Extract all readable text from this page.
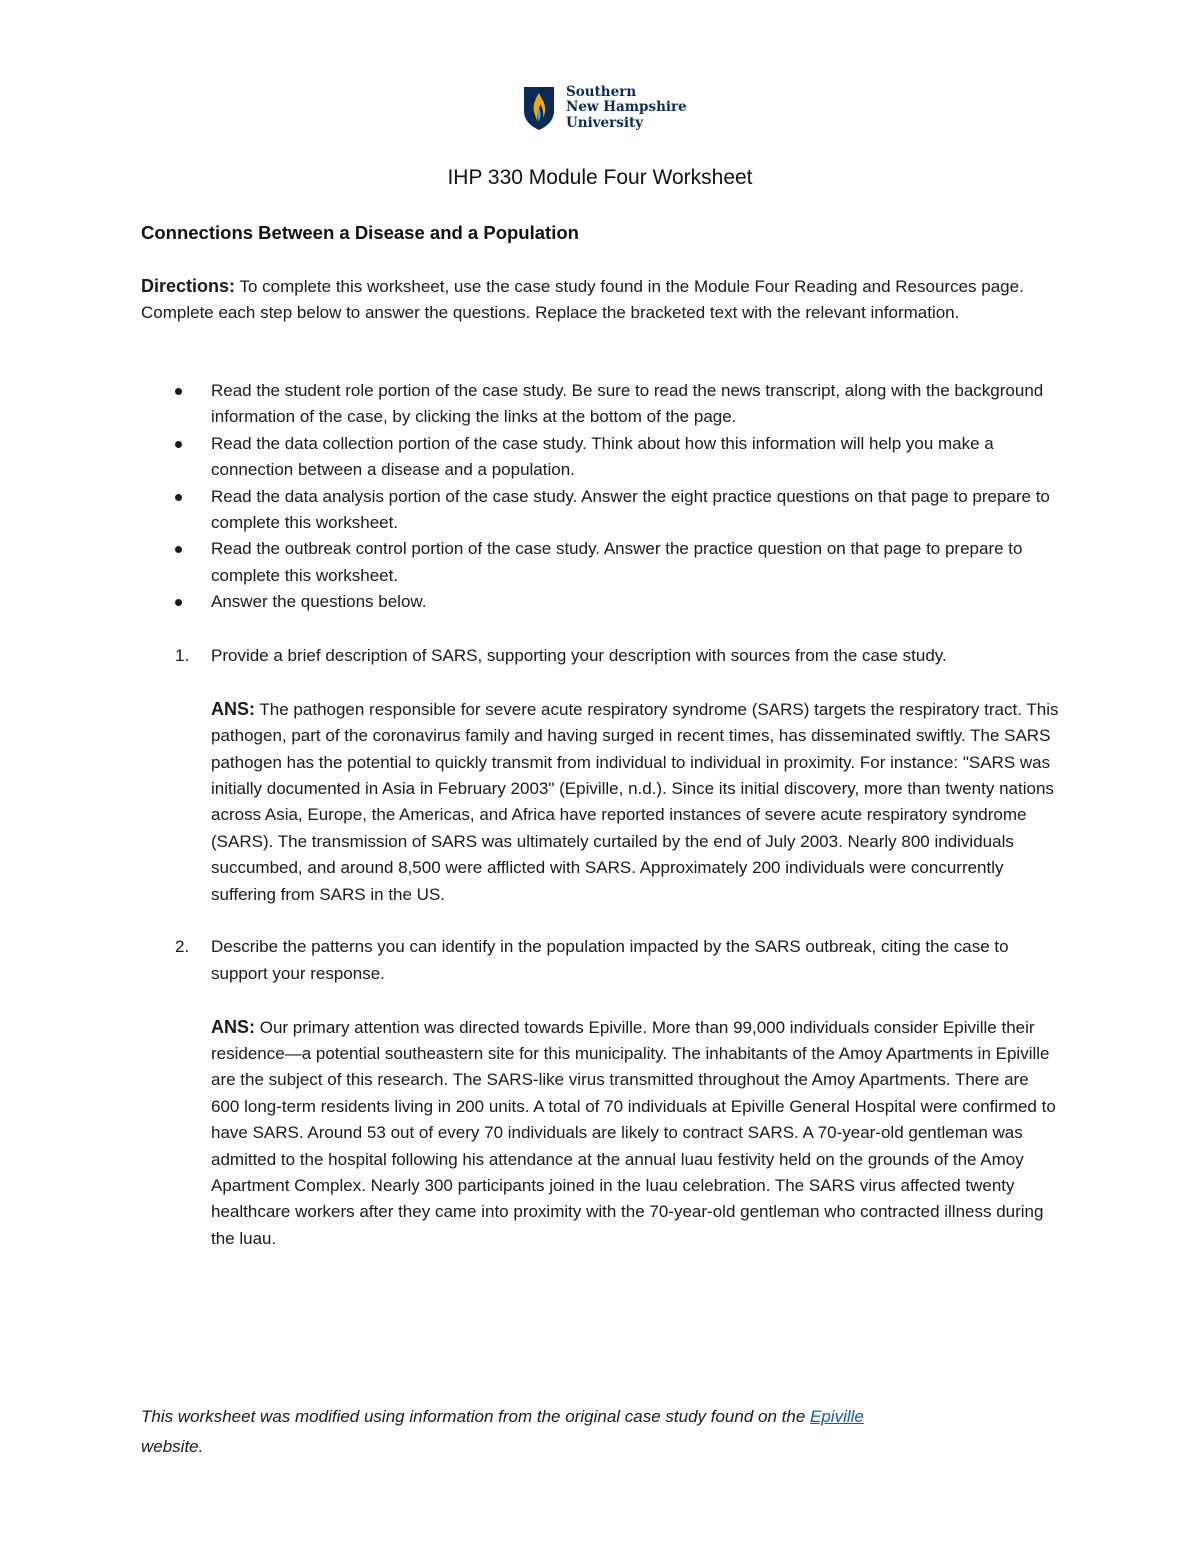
Southern
New Hampshire
University
IHP 330 Module Four Worksheet
Connections Between a Disease and a Population
Directions: To complete this worksheet, use the case study found in the Module Four Reading and Resources page. Complete each step below to answer the questions. Replace the bracketed text with the relevant information.
Read the student role portion of the case study. Be sure to read the news transcript, along with the background information of the case, by clicking the links at the bottom of the page.
Read the data collection portion of the case study. Think about how this information will help you make a connection between a disease and a population.
Read the data analysis portion of the case study. Answer the eight practice questions on that page to prepare to complete this worksheet.
Read the outbreak control portion of the case study. Answer the practice question on that page to prepare to complete this worksheet.
Answer the questions below.
1. Provide a brief description of SARS, supporting your description with sources from the case study.
ANS: The pathogen responsible for severe acute respiratory syndrome (SARS) targets the respiratory tract. This pathogen, part of the coronavirus family and having surged in recent times, has disseminated swiftly. The SARS pathogen has the potential to quickly transmit from individual to individual in proximity. For instance: "SARS was initially documented in Asia in February 2003" (Epiville, n.d.). Since its initial discovery, more than twenty nations across Asia, Europe, the Americas, and Africa have reported instances of severe acute respiratory syndrome (SARS). The transmission of SARS was ultimately curtailed by the end of July 2003. Nearly 800 individuals succumbed, and around 8,500 were afflicted with SARS. Approximately 200 individuals were concurrently suffering from SARS in the US.
2. Describe the patterns you can identify in the population impacted by the SARS outbreak, citing the case to support your response.
ANS: Our primary attention was directed towards Epiville. More than 99,000 individuals consider Epiville their residence—a potential southeastern site for this municipality. The inhabitants of the Amoy Apartments in Epiville are the subject of this research. The SARS-like virus transmitted throughout the Amoy Apartments. There are 600 long-term residents living in 200 units. A total of 70 individuals at Epiville General Hospital were confirmed to have SARS. Around 53 out of every 70 individuals are likely to contract SARS. A 70-year-old gentleman was admitted to the hospital following his attendance at the annual luau festivity held on the grounds of the Amoy Apartment Complex. Nearly 300 participants joined in the luau celebration. The SARS virus affected twenty healthcare workers after they came into proximity with the 70-year-old gentleman who contracted illness during the luau.
This worksheet was modified using information from the original case study found on the Epiville
website.
